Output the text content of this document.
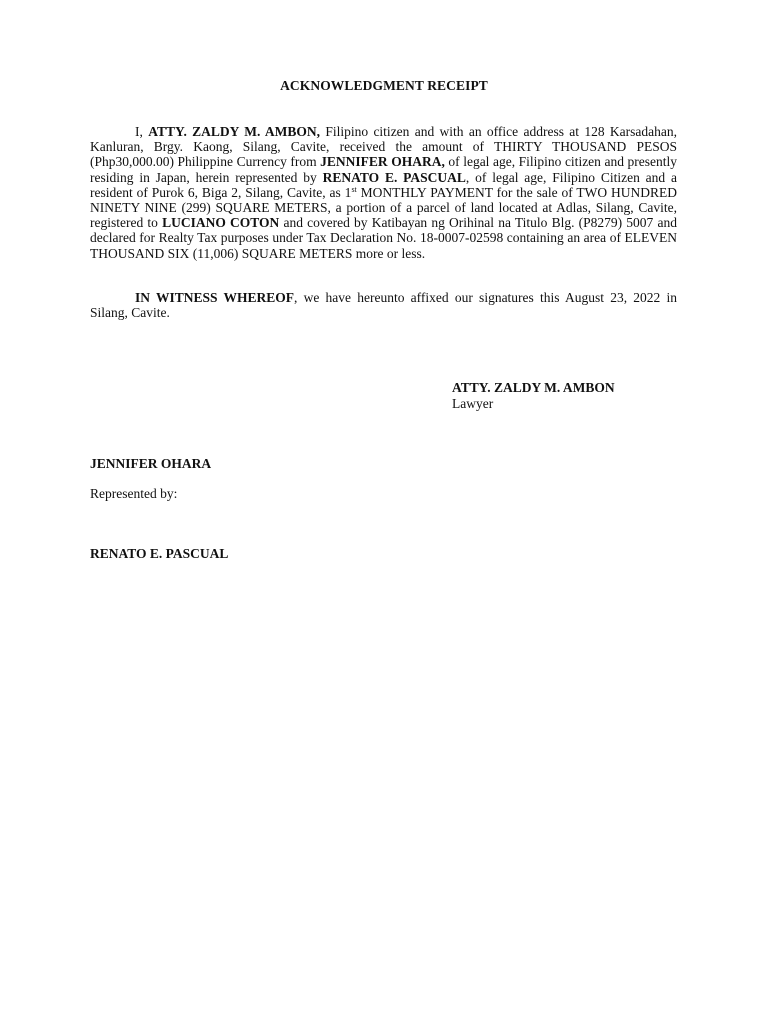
ACKNOWLEDGMENT RECEIPT

I, ATTY. ZALDY M. AMBON, Filipino citizen and with an office address at 128 Karsadahan, Kanluran, Brgy. Kaong, Silang, Cavite, received the amount of THIRTY THOUSAND PESOS (Php30,000.00) Philippine Currency from JENNIFER OHARA, of legal age, Filipino citizen and presently residing in Japan, herein represented by RENATO E. PASCUAL, of legal age, Filipino Citizen and a resident of Purok 6, Biga 2, Silang, Cavite, as 1st MONTHLY PAYMENT for the sale of TWO HUNDRED NINETY NINE (299) SQUARE METERS, a portion of a parcel of land located at Adlas, Silang, Cavite, registered to LUCIANO COTON and covered by Katibayan ng Orihinal na Titulo Blg. (P8279) 5007 and declared for Realty Tax purposes under Tax Declaration No. 18-0007-02598 containing an area of ELEVEN THOUSAND SIX (11,006) SQUARE METERS more or less.

IN WITNESS WHEREOF, we have hereunto affixed our signatures this August 23, 2022 in Silang, Cavite.

ATTY. ZALDY M. AMBON
Lawyer
JENNIFER OHARA
Represented by:
RENATO E. PASCUAL
